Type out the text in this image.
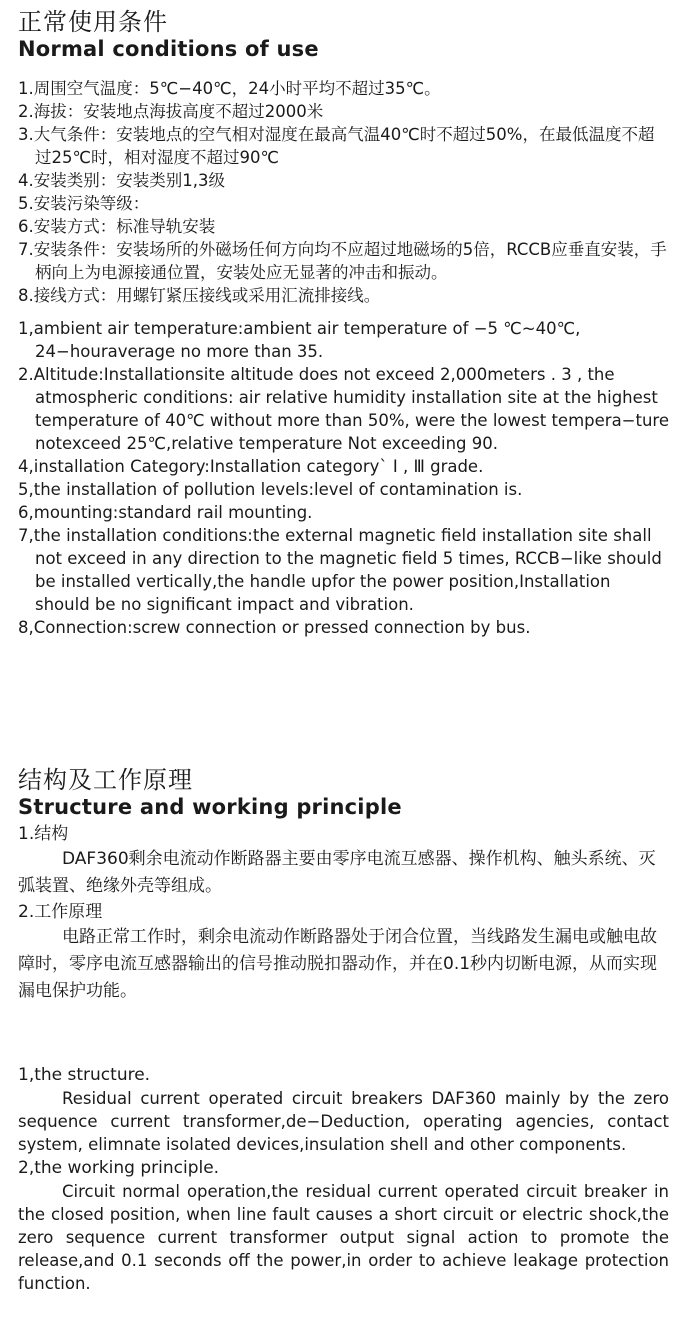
正常使用条件
Normal conditions of use
1.周围空气温度：5℃−40℃，24小时平均不超过35℃。
2.海拔：安装地点海拔高度不超过2000米
3.大气条件：安装地点的空气相对湿度在最高气温40℃时不超过50%，在最低温度不超过25℃时，相对湿度不超过90℃
4.安装类别：安装类别1,3级
5.安装污染等级：
6.安装方式：标准导轨安装
7.安装条件：安装场所的外磁场任何方向均不应超过地磁场的5倍，RCCB应垂直安装，手柄向上为电源接通位置，安装处应无显著的冲击和振动。
8.接线方式：用螺钉紧压接线或采用汇流排接线。
1,ambient air temperature:ambient air temperature of −5 ℃~40℃, 24−houraverage no more than 35.
2.Altitude:Installationsite altitude does not exceed 2,000meters . 3 , the atmospheric conditions: air relative humidity installation site at the highest temperature of 40℃ without more than 50%, were the lowest tempera−ture notexceed 25℃,relative temperature Not exceeding 90.
4,installation Category:Installation category` Ⅰ , Ⅲ grade.
5,the installation of pollution levels:level of contamination is.
6,mounting:standard rail mounting.
7,the installation conditions:the external magnetic field installation site shall not exceed in any direction to the magnetic field 5 times, RCCB−like should be installed vertically,the handle upfor the power position,Installation should be no significant impact and vibration.
8,Connection:screw connection or pressed connection by bus.
结构及工作原理
Structure and working principle

1.结构

DAF360剩余电流动作断路器主要由零序电流互感器、操作机构、触头系统、灭弧装置、绝缘外壳等组成。

2.工作原理

电路正常工作时，剩余电流动作断路器处于闭合位置，当线路发生漏电或触电故障时，零序电流互感器输出的信号推动脱扣器动作，并在0.1秒内切断电源，从而实现漏电保护功能。

1,the structure.

Residual current operated circuit breakers DAF360 mainly by the zero sequence current transformer,de−Deduction, operating agencies, contact system, elimnate isolated devices,insulation shell and other components.

2,the working principle.

Circuit normal operation,the residual current operated circuit breaker in the closed position, when line fault causes a short circuit or electric shock,the zero sequence current transformer output signal action to promote the release,and 0.1 seconds off the power,in order to achieve leakage protection function.
